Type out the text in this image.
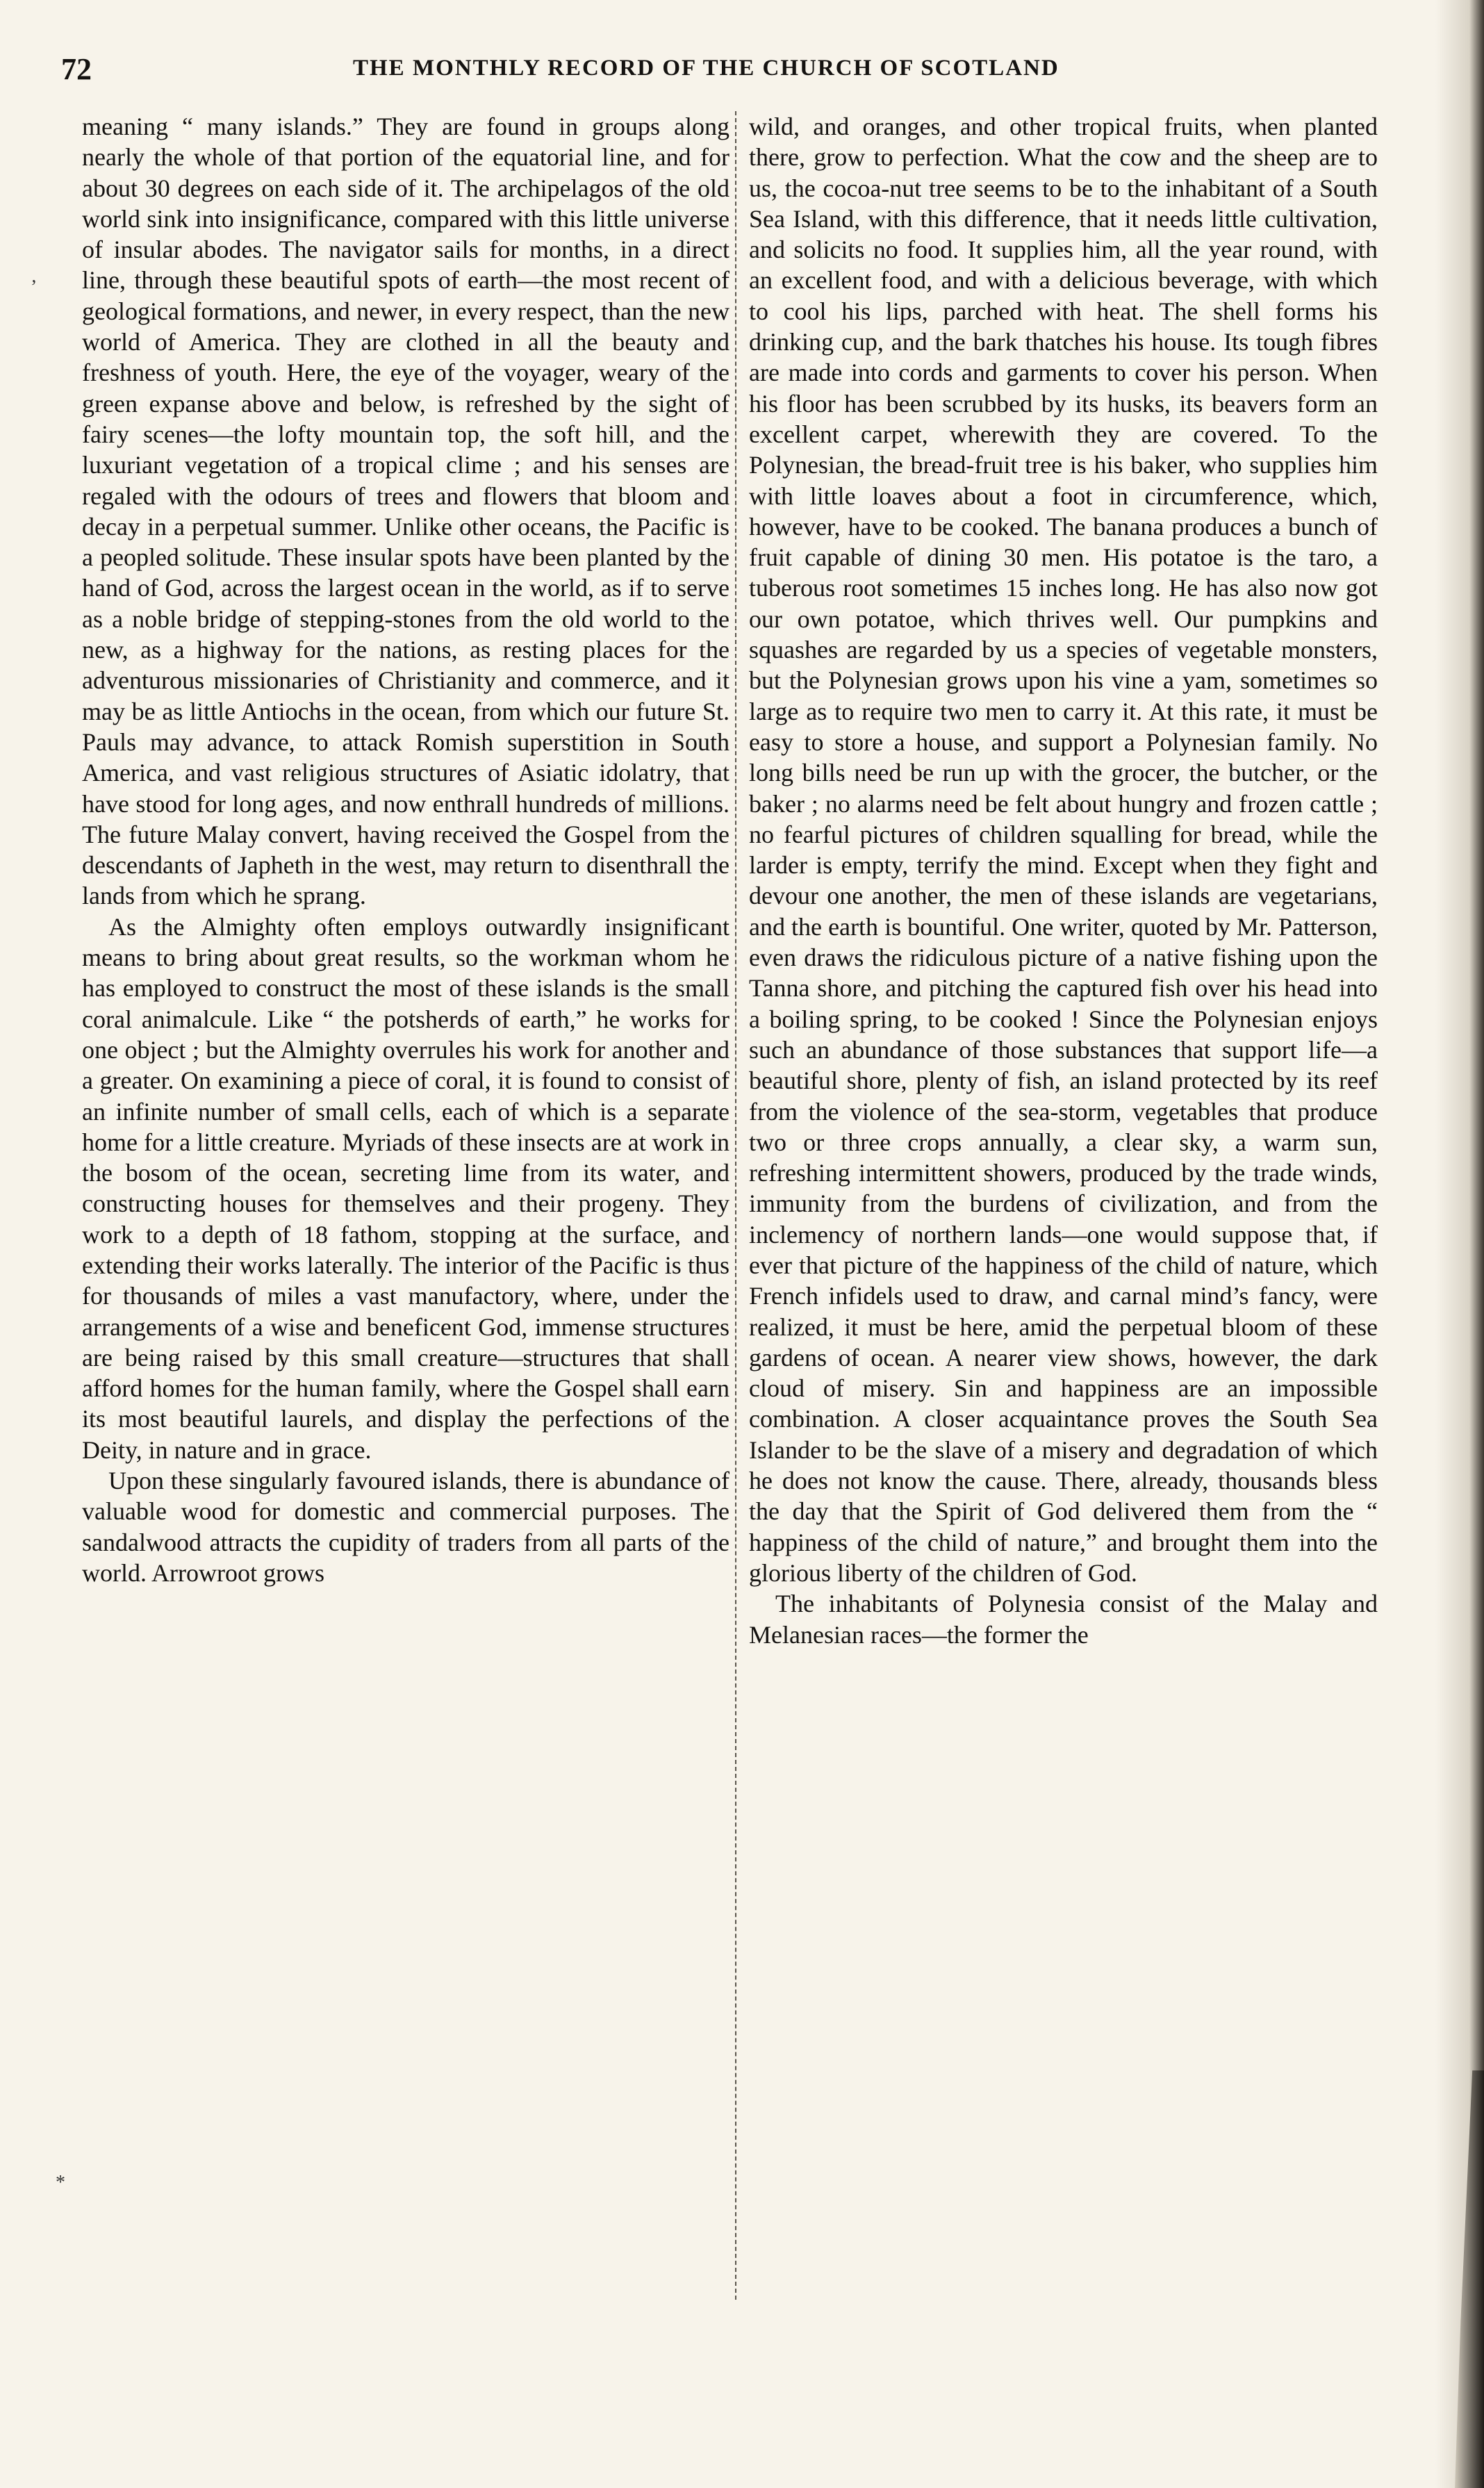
72	THE MONTHLY RECORD OF THE CHURCH OF SCOTLAND
’
*

meaning “ many islands.” They are found in groups along nearly the whole of that portion of the equatorial line, and for about 30 degrees on each side of it. The archipelagos of the old world sink into insignificance, compared with this little universe of insular abodes. The navigator sails for months, in a direct line, through these beautiful spots of earth—the most recent of geological formations, and newer, in every respect, than the new world of America. They are clothed in all the beauty and freshness of youth. Here, the eye of the voyager, weary of the green expanse above and below, is refreshed by the sight of fairy scenes—the lofty mountain top, the soft hill, and the luxuriant vegetation of a tropical clime ; and his senses are regaled with the odours of trees and flowers that bloom and decay in a perpetual summer. Unlike other oceans, the Pacific is a peopled solitude. These insular spots have been planted by the hand of God, across the largest ocean in the world, as if to serve as a noble bridge of stepping-stones from the old world to the new, as a highway for the nations, as resting places for the adventurous missionaries of Christianity and commerce, and it may be as little Antiochs in the ocean, from which our future St. Pauls may advance, to attack Romish superstition in South America, and vast religious structures of Asiatic idolatry, that have stood for long ages, and now enthrall hundreds of millions. The future Malay convert, having received the Gospel from the descendants of Japheth in the west, may return to disenthrall the lands from which he sprang.

As the Almighty often employs outwardly insignificant means to bring about great results, so the workman whom he has employed to construct the most of these islands is the small coral animalcule. Like “ the potsherds of earth,” he works for one object ; but the Almighty overrules his work for another and a greater. On examining a piece of coral, it is found to consist of an infinite number of small cells, each of which is a separate home for a little creature. Myriads of these insects are at work in the bosom of the ocean, secreting lime from its water, and constructing houses for themselves and their progeny. They work to a depth of 18 fathom, stopping at the surface, and extending their works laterally. The interior of the Pacific is thus for thousands of miles a vast manufactory, where, under the arrangements of a wise and beneficent God, immense structures are being raised by this small creature—structures that shall afford homes for the human family, where the Gospel shall earn its most beautiful laurels, and display the perfections of the Deity, in nature and in grace.

Upon these singularly favoured islands, there is abundance of valuable wood for domestic and commercial purposes. The sandalwood attracts the cupidity of traders from all parts of the world. Arrowroot grows

wild, and oranges, and other tropical fruits, when planted there, grow to perfection. What the cow and the sheep are to us, the cocoa-nut tree seems to be to the inhabitant of a South Sea Island, with this difference, that it needs little cultivation, and solicits no food. It supplies him, all the year round, with an excellent food, and with a delicious beverage, with which to cool his lips, parched with heat. The shell forms his drinking cup, and the bark thatches his house. Its tough fibres are made into cords and garments to cover his person. When his floor has been scrubbed by its husks, its beavers form an excellent carpet, wherewith they are covered. To the Polynesian, the bread-fruit tree is his baker, who supplies him with little loaves about a foot in circumference, which, however, have to be cooked. The banana produces a bunch of fruit capable of dining 30 men. His potatoe is the taro, a tuberous root sometimes 15 inches long. He has also now got our own potatoe, which thrives well. Our pumpkins and squashes are regarded by us a species of vegetable monsters, but the Polynesian grows upon his vine a yam, sometimes so large as to require two men to carry it. At this rate, it must be easy to store a house, and support a Polynesian family. No long bills need be run up with the grocer, the butcher, or the baker ; no alarms need be felt about hungry and frozen cattle ; no fearful pictures of children squalling for bread, while the larder is empty, terrify the mind. Except when they fight and devour one another, the men of these islands are vegetarians, and the earth is bountiful. One writer, quoted by Mr. Patterson, even draws the ridiculous picture of a native fishing upon the Tanna shore, and pitching the captured fish over his head into a boiling spring, to be cooked ! Since the Polynesian enjoys such an abundance of those substances that support life—a beautiful shore, plenty of fish, an island protected by its reef from the violence of the sea-storm, vegetables that produce two or three crops annually, a clear sky, a warm sun, refreshing intermittent showers, produced by the trade winds, immunity from the burdens of civilization, and from the inclemency of northern lands—one would suppose that, if ever that picture of the happiness of the child of nature, which French infidels used to draw, and carnal mind’s fancy, were realized, it must be here, amid the perpetual bloom of these gardens of ocean. A nearer view shows, however, the dark cloud of misery. Sin and happiness are an impossible combination. A closer acquaintance proves the South Sea Islander to be the slave of a misery and degradation of which he does not know the cause. There, already, thousands bless the day that the Spirit of God delivered them from the “ happiness of the child of nature,” and brought them into the glorious liberty of the children of God.

The inhabitants of Polynesia consist of the Malay and Melanesian races—the former the
